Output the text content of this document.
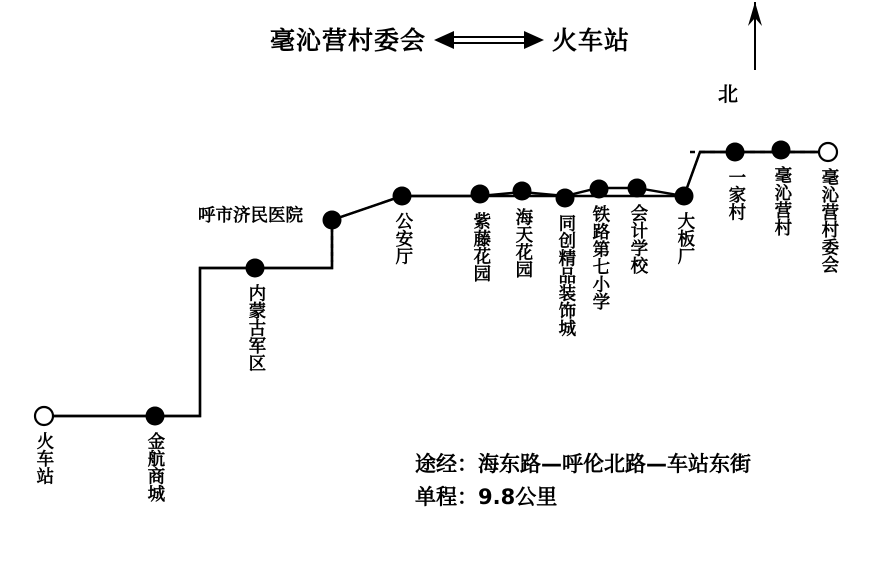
毫沁营村委会	火车站
北
火车站	金航商城
内蒙古军区
呼市济民医院	公安厅	紫藤花园 海天花园 同创精品装饰城 铁路第七小学 会计学校 大板厂
一家村 毫沁营村 毫沁营村委会
途经：海东路—呼伦北路—车站东街
单程：9.8公里
